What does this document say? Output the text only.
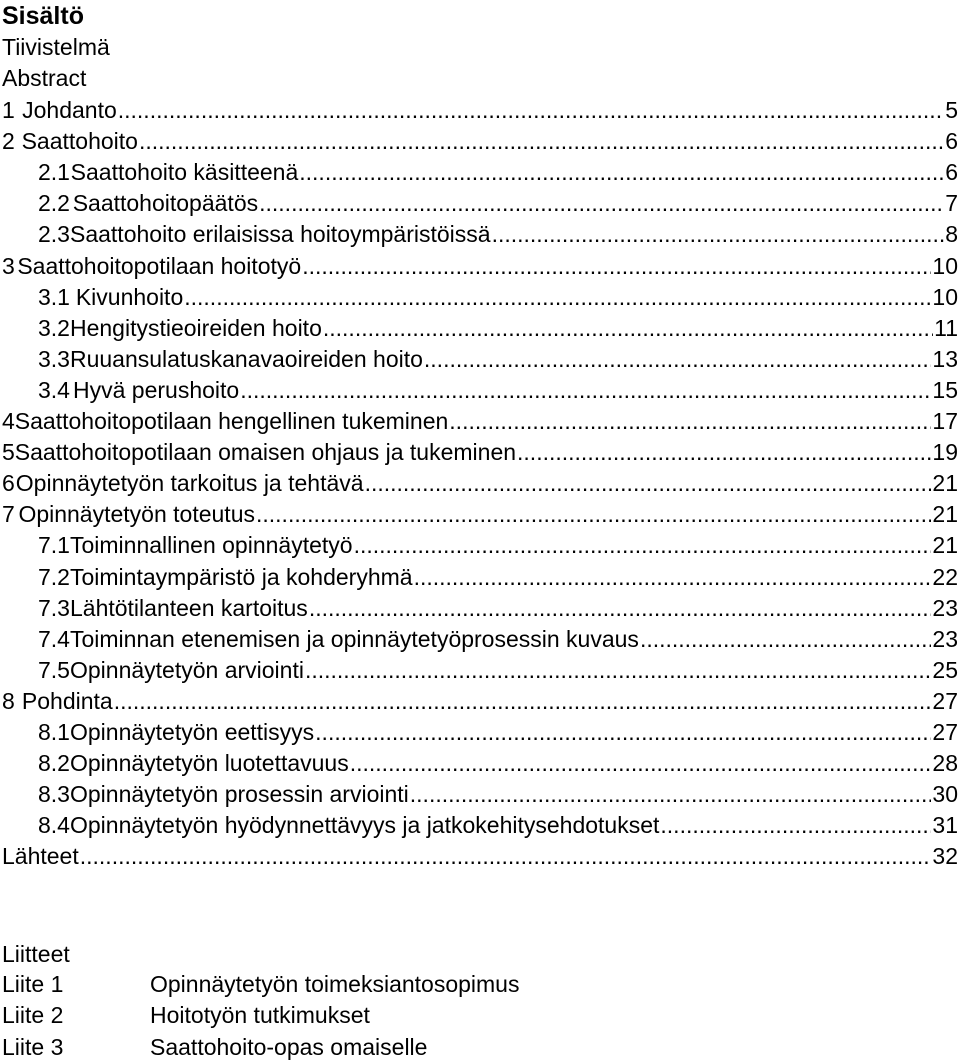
Sisältö
Tiivistelmä
Abstract
1 Johdanto .....	5
2 Saattohoito .....	6
2.1 Saattohoito käsitteenä .....	6
2.2 Saattohoitopäätös .....	7
2.3 Saattohoito erilaisissa hoitoympäristöissä .....	8
3 Saattohoitopotilaan hoitotyö .....	10
3.1 Kivunhoito .....	10
3.2 Hengitystieoireiden hoito .....	11
3.3 Ruuansulatuskanavaoireiden hoito .....	13
3.4 Hyvä perushoito .....	15
4 Saattohoitopotilaan hengellinen tukeminen .....	17
5 Saattohoitopotilaan omaisen ohjaus ja tukeminen .....	19
6 Opinnäytetyön tarkoitus ja tehtävä .....	21
7 Opinnäytetyön toteutus .....	21
7.1 Toiminnallinen opinnäytetyö .....	21
7.2 Toimintaympäristö ja kohderyhmä .....	22
7.3 Lähtötilanteen kartoitus .....	23
7.4 Toiminnan etenemisen ja opinnäytetyöprosessin kuvaus .....	23
7.5 Opinnäytetyön arviointi .....	25
8 Pohdinta .....	27
8.1 Opinnäytetyön eettisyys .....	27
8.2 Opinnäytetyön luotettavuus .....	28
8.3 Opinnäytetyön prosessin arviointi .....	30
8.4 Opinnäytetyön hyödynnettävyys ja jatkokehitysehdotukset .....	31
Lähteet .....	32
Liitteet
Liite 1	Opinnäytetyön toimeksiantosopimus
Liite 2	Hoitotyön tutkimukset
Liite 3	Saattohoito-opas omaiselle
